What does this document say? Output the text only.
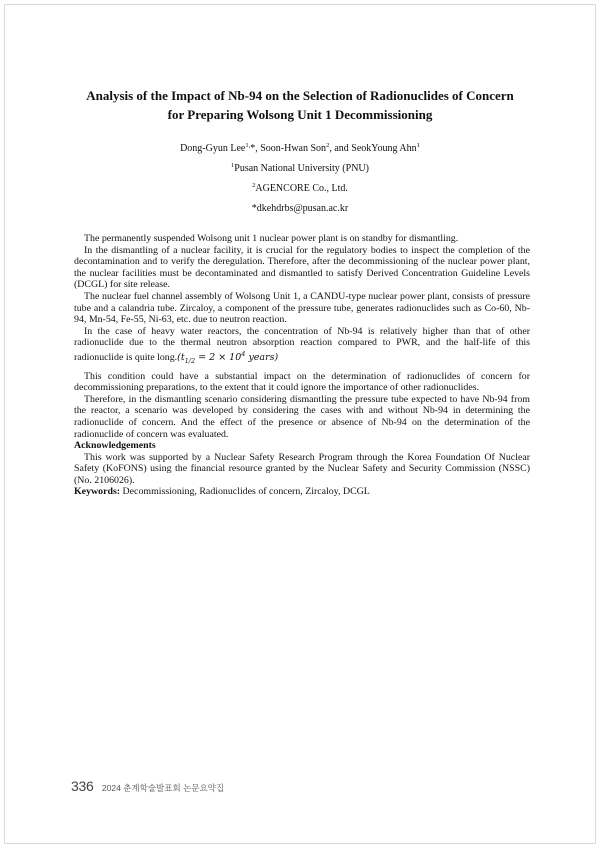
Analysis of the Impact of Nb-94 on the Selection of Radionuclides of Concern
for Preparing Wolsong Unit 1 Decommissioning
Dong-Gyun Lee$^{1,}$*, Soon-Hwan Son$^2$, and SeokYoung Ahn$^1$
$^1$Pusan National University (PNU)
$^2$AGENCORE Co., Ltd.
*dkehdrbs@pusan.ac.kr

The permanently suspended Wolsong unit 1 nuclear power plant is on standby for dismantling.

In the dismantling of a nuclear facility, it is crucial for the regulatory bodies to inspect the completion of the decontamination and to verify the deregulation. Therefore, after the decommissioning of the nuclear power plant, the nuclear facilities must be decontaminated and dismantled to satisfy Derived Concentration Guideline Levels (DCGL) for site release.

The nuclear fuel channel assembly of Wolsong Unit 1, a CANDU-type nuclear power plant, consists of pressure tube and a calandria tube. Zircaloy, a component of the pressure tube, generates radionuclides such as Co-60, Nb-94, Mn-54, Fe-55, Ni-63, etc. due to neutron reaction.

In the case of heavy water reactors, the concentration of Nb-94 is relatively higher than that of other radionuclide due to the thermal neutron absorption reaction compared to PWR, and the half-life of this radionuclide is quite $long.(t_{1/2} = 2 \times 10^4$ years)

This condition could have a substantial impact on the determination of radionuclides of concern for decommissioning preparations, to the extent that it could ignore the importance of other radionuclides.

Therefore, in the dismantling scenario considering dismantling the pressure tube expected to have Nb-94 from the reactor, a scenario was developed by considering the cases with and without Nb-94 in determining the radionuclide of concern. And the effect of the presence or absence of Nb-94 on the determination of the radionuclide of concern was evaluated.

Acknowledgements

This work was supported by a Nuclear Safety Research Program through the Korea Foundation Of Nuclear Safety (KoFONS) using the financial resource granted by the Nuclear Safety and Security Commission (NSSC) (No. 2106026).

Keywords: Decommissioning, Radionuclides of concern, Zircaloy, DCGL

336 2024 춘계학술발표회 논문요약집
